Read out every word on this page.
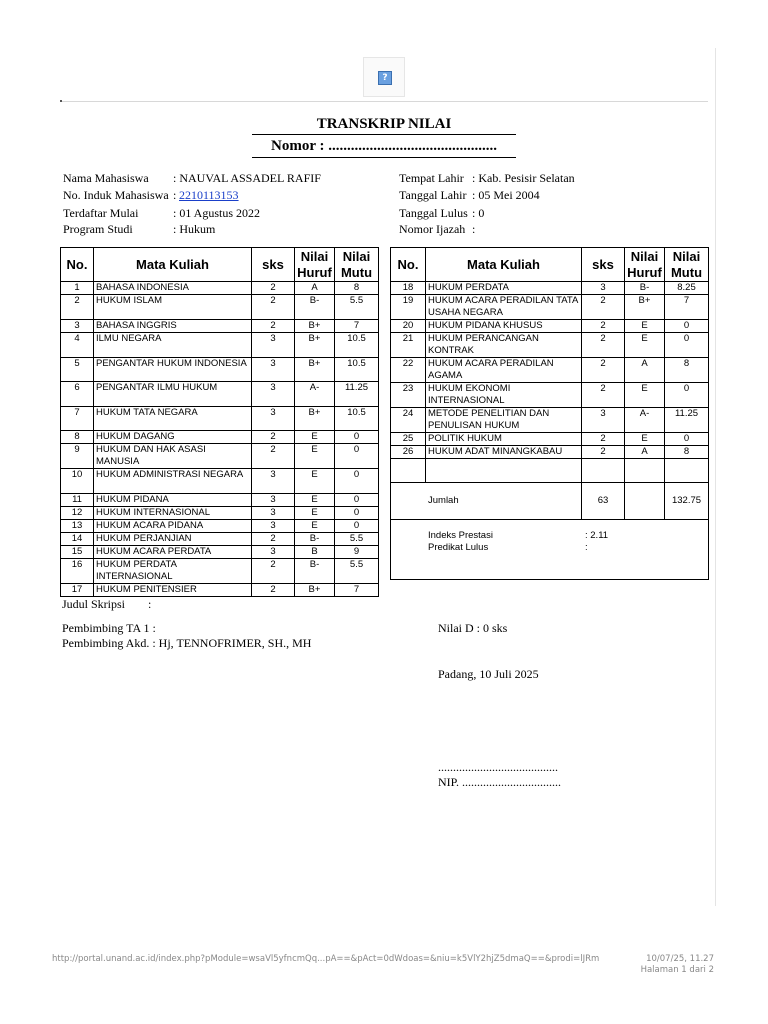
?
TRANSKRIP NILAI
Nomor : .............................................
Nama Mahasiswa : NAUVAL ASSADEL RAFIF
No. Induk Mahasiswa : 2210113153
Terdaftar Mulai	: 01 Agustus 2022
Program Studi	: Hukum
Tempat Lahir : Kab. Pesisir Selatan
Tanggal Lahir : 05 Mei 2004
Tanggal Lulus : 0
Nomor Ijazah :
No.	Mata Kuliah	sks	Nilai Huruf	Nilai Mutu
1	BAHASA INDONESIA	2	A	8
2	HUKUM ISLAM	2	B-	5.5
3	BAHASA INGGRIS	2	B+	7
4	ILMU NEGARA	3	B+	10.5
5	PENGANTAR HUKUM INDONESIA	3	B+	10.5
6	PENGANTAR ILMU HUKUM	3	A-	11.25
7	HUKUM TATA NEGARA	3	B+	10.5
8	HUKUM DAGANG	2	E	0
9	HUKUM DAN HAK ASASI MANUSIA	2	E	0
10	HUKUM ADMINISTRASI NEGARA	3	E	0
11	HUKUM PIDANA	3	E	0
12	HUKUM INTERNASIONAL	3	E	0
13	HUKUM ACARA PIDANA	3	E	0
14	HUKUM PERJANJIAN	2	B-	5.5
15	HUKUM ACARA PERDATA	3	B	9
16	HUKUM PERDATA INTERNASIONAL	2	B-	5.5
17	HUKUM PENITENSIER	2	B+	7
No.	Mata Kuliah	sks	Nilai Huruf	Nilai Mutu
18	HUKUM PERDATA	3	B-	8.25
19	HUKUM ACARA PERADILAN TATA USAHA NEGARA	2	B+	7
20	HUKUM PIDANA KHUSUS	2	E	0
21	HUKUM PERANCANGAN KONTRAK	2	E	0
22	HUKUM ACARA PERADILAN AGAMA	2	A	8
23	HUKUM EKONOMI INTERNASIONAL	2	E	0
24	METODE PENELITIAN DAN PENULISAN HUKUM	3	A-	11.25
25	POLITIK HUKUM	2	E	0
26	HUKUM ADAT MINANGKABAU	2	A	8

Jumlah		63		132.75

Indeks Prestasi : 2.11
Predikat Lulus :				
Judul Skripsi :
Pembimbing TA 1 :
Pembimbing Akd. : Hj, TENNOFRIMER, SH., MH
Nilai D : 0 sks
Padang, 10 Juli 2025
........................................
NIP. .................................
http://portal.unand.ac.id/index.php?pModule=wsaVl5yfncmQq...pA==&pAct=0dWdoas=&niu=k5VlY2hjZ5dmaQ==&prodi=lJRm	10/07/25, 11.27
Halaman 1 dari 2
